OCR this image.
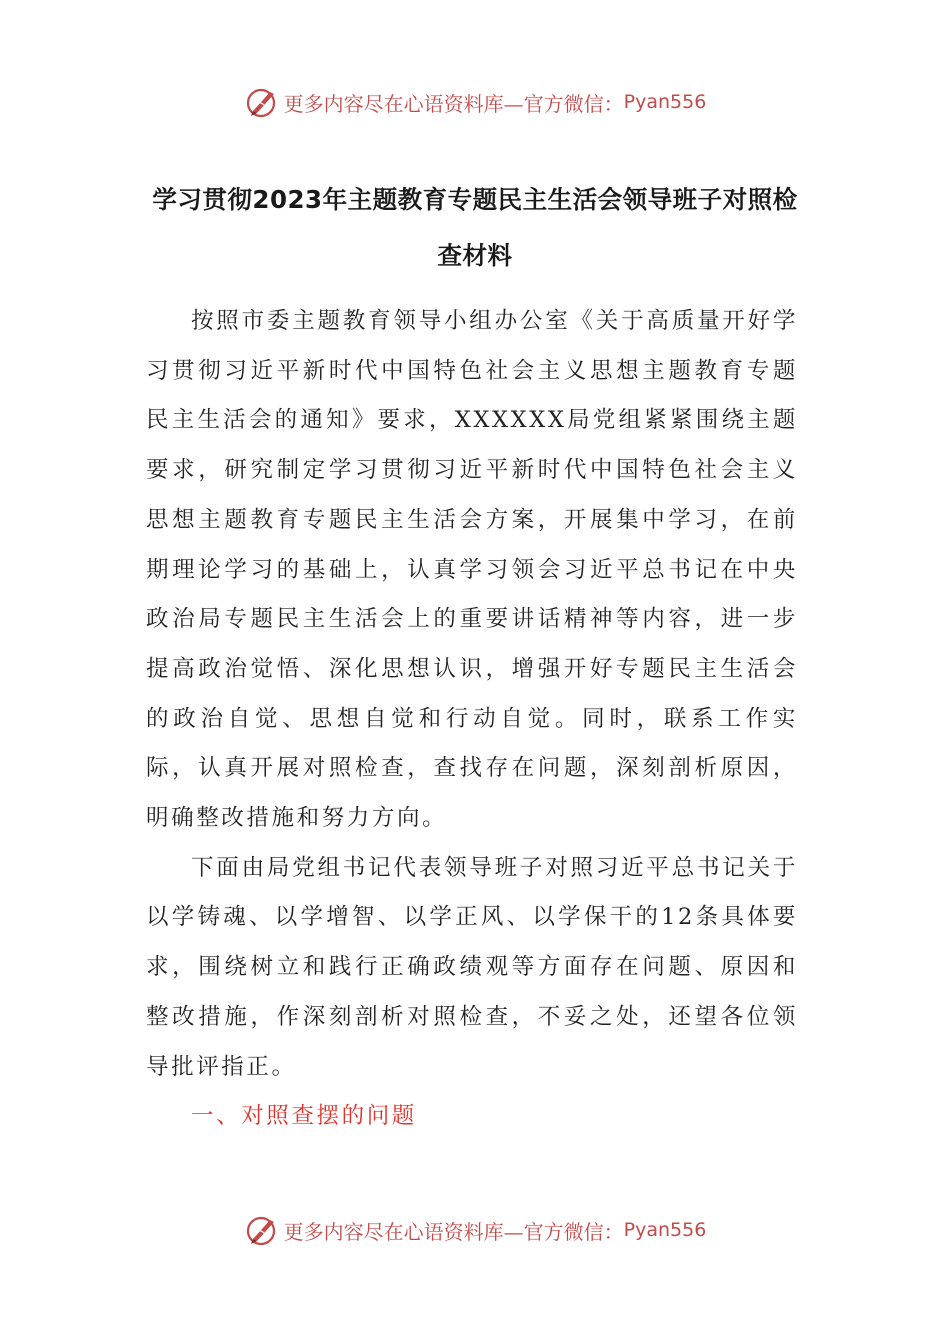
更多内容尽在心语资料库—官方微信： Pyan556
学习贯彻2023年主题教育专题民主生活会领导班子对照检查材料

按照市委主题教育领导小组办公室《关于高质量开好学习贯彻习近平新时代中国特色社会主义思想主题教育专题民主生活会的通知》要求，XXXXXX局党组紧紧围绕主题要求，研究制定学习贯彻习近平新时代中国特色社会主义思想主题教育专题民主生活会方案，开展集中学习，在前期理论学习的基础上，认真学习领会习近平总书记在中央政治局专题民主生活会上的重要讲话精神等内容，进一步提高政治觉悟、深化思想认识，增强开好专题民主生活会的政治自觉、思想自觉和行动自觉。同时，联系工作实际，认真开展对照检查，查找存在问题，深刻剖析原因，明确整改措施和努力方向。

下面由局党组书记代表领导班子对照习近平总书记关于以学铸魂、以学增智、以学正风、以学保干的12条具体要求，围绕树立和践行正确政绩观等方面存在问题、原因和整改措施，作深刻剖析对照检查，不妥之处，还望各位领导批评指正。

一、对照查摆的问题

更多内容尽在心语资料库—官方微信： Pyan556
